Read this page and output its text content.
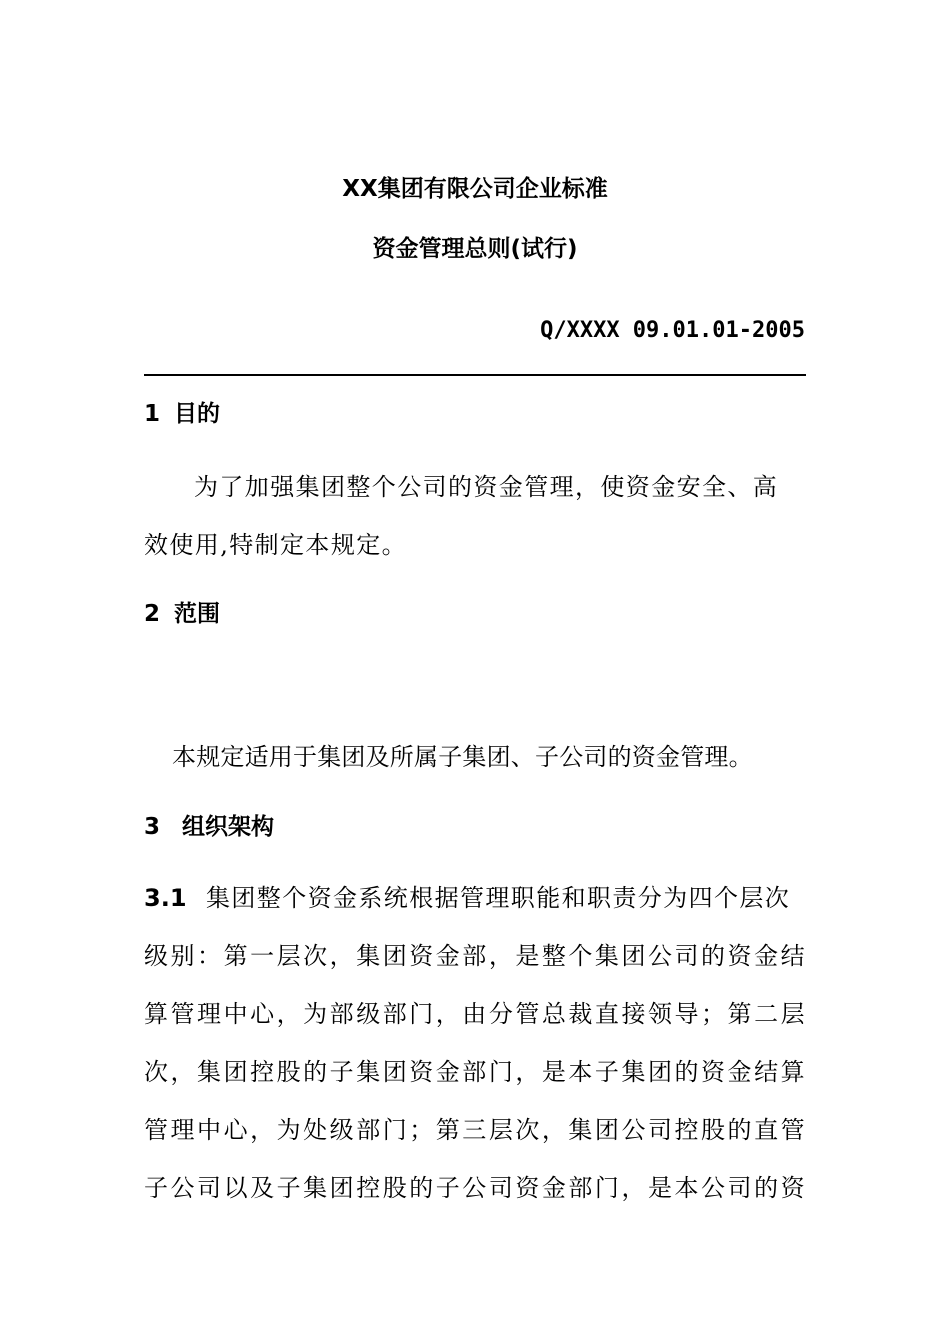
XX集团有限公司企业标准
资金管理总则(试行)
Q/XXXX 09.01.01-2005
1 目的
为了加强集团整个公司的资金管理，使资金安全、高
效使用,特制定本规定。
2 范围
本规定适用于集团及所属子集团、子公司的资金管理。
3 组织架构
3.1 集团整个资金系统根据管理职能和职责分为四个层次
级别：第一层次，集团资金部，是整个集团公司的资金结
算管理中心，为部级部门，由分管总裁直接领导；第二层
次，集团控股的子集团资金部门，是本子集团的资金结算
管理中心，为处级部门；第三层次，集团公司控股的直管
子公司以及子集团控股的子公司资金部门，是本公司的资
